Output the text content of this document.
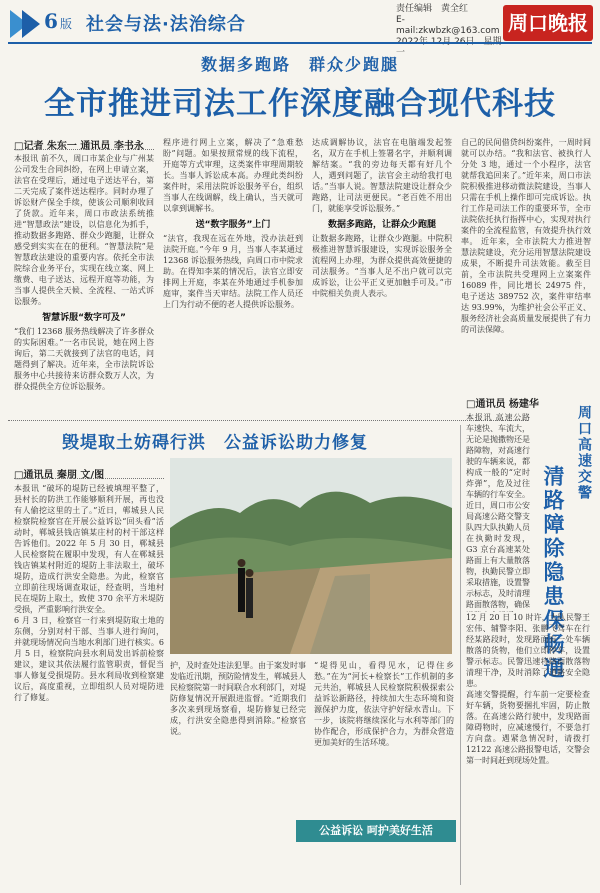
6 版 社会与法·法治综合
责任编辑　黄全红
E-mail:zkwbzk@163.com
　一
周口晚报
数据多跑路　群众少跑腿
全市推进司法工作深度融合现代科技
□记者 朱东一 通讯员 李书永
本报讯 前不久，周口市某企业与广州某公司发生合同纠纷，在网上申请立案，法官在受理后，通过电子送达平台，第二天完成了案件送达程序。同时办理了诉讼财产保全手续，使该公司顺利收回了货款。近年来，周口市政法系统推进“智慧政法”建设，以信息化为抓手，推动数据多跑路、群众少跑腿，让群众感受到实实在在的便利。“智慧法院”是智慧政法建设的重要内容。依托全市法院综合业务平台，实现在线立案、网上缴费、电子送达、远程开庭等功能，为当事人提供全天候、全流程、一站式诉讼服务。
智慧诉服“数字可及”
“我们 12368 服务热线解决了许多群众的实际困难。”一名市民说，她在网上咨询后，第二天就接到了法官的电话，问题得到了解决。近年来，全市法院诉讼服务中心共接待来访群众数万人次，为群众提供全方位诉讼服务。
程序进行网上立案，解决了“急难愁盼”问题。如果按照常规的线下流程，开庭等方式审理，这类案件审理周期较长。当事人诉讼成本高。办理此类纠纷案件时，采用法院诉讼服务平台，组织当事人在线调解，线上确认，当天就可以拿到调解书。
送“数字服务”上门
“法官，我现在远在外地，没办法赶到法院开庭。”今年 9 月，当事人李某通过 12368 诉讼服务热线，向周口市中院求助。在得知李某的情况后，法官立即安排网上开庭，李某在外地通过手机参加庭审，案件当天审结。法院工作人员还上门为行动不便的老人提供诉讼服务。
达成调解协议，法官在电脑端发起签名，双方在手机上签署名字，并顺利调解结案。“我的旁边每天都有好几个人，遇到问题了，法官会主动给我打电话。”当事人说。智慧法院建设让群众少跑路，让司法更便民。“老百姓不用出门，就能享受诉讼服务。”
数据多跑路，让群众少跑腿
让数据多跑路，让群众少跑腿。中院积极推进智慧诉服建设，实现诉讼服务全流程网上办理，为群众提供高效便捷的司法服务。“当事人足不出户就可以完成诉讼，让公平正义更加触手可及。”市中院相关负责人表示。
自己的民间借贷纠纷案件，一周时间就可以办结。“我和法官、被执行人分处 3 地，通过一个小程序，法官就帮我追回来了。”近年来，周口市法院积极推进移动微法院建设，当事人只需在手机上操作即可完成诉讼。执行工作是司法工作的重要环节，全市法院依托执行指挥中心，实现对执行案件的全流程监管，有效提升执行效率。 近年来，全市法院大力推进智慧法院建设，充分运用智慧法院建设成果，不断提升司法效能。截至目前，全市法院共受理网上立案案件 16089 件，同比增长 24975 件，电子送达 389752 次，案件审结率达 93.99%，为维护社会公平正义、服务经济社会高质量发展提供了有力的司法保障。
毁堤取土妨碍行洪　公益诉讼助力修复
□通讯员 秦朋 文/图
本报讯 “破坏的堤防已经被填埋平整了，县村长的防洪工作能够顺利开展，再也没有人偷挖这里的土了。”近日，郸城县人民检察院检察官在开展公益诉讼“回头看”活动时，郸城县钱店镇某庄村的村干部这样告诉他们。2022 年 5 月 30 日，郸城县人民检察院在履职中发现，有人在郸城县钱店镇某村附近的堤防上非法取土，破坏堤防，造成行洪安全隐患。为此，检察官立即前往现场调查取证，经查明，当地村民在堤防上取土，致使 370 余平方米堤防受损，严重影响行洪安全。
6 月 3 日，检察官一行来到堤防取土地的东侧，分别对村干部、当事人进行询问，并就现场情况向当地水利部门进行核实。6 月 5 日，检察院向县水利局发出诉前检察建议，建议其依法履行监管职责，督促当事人修复受损堤防。县水利局收到检察建议后，高度重视，立即组织人员对堤防进行了修复。
护，及时查处违法犯罪。由于案发时事发临近汛期，预防险情发生，郸城县人民检察院第一时间联合水利部门，对堤防修复情况开展跟进监督。“近期我们多次来到现场察看，堤防修复已经完成，行洪安全隐患得到消除。”检察官说。
“堤得见山，看得见水，记得住乡愁。”在为“河长+检察长”工作机制的多元共治，郸城县人民检察院积极探索公益诉讼新路径，持续加大生态环境和资源保护力度，依法守护好绿水青山。下一步，该院将继续深化与水利等部门的协作配合，形成保护合力，为群众营造更加美好的生活环境。
公益诉讼 呵护美好生活
□通讯员 杨建华
周口高速交警
清路障除隐患保畅通
本报讯 高速公路车速快、车流大，无论是抛撒物还是路障物，对高速行驶的车辆来说，都构成一般的“定时炸弹”，危及过往车辆的行车安全。近日，周口市公安局高速公路交警支队四大队执勤人员在执勤时发现，G3 京台高速某处路面上有大量散落物，执勤民警立即采取措施，设置警示标志，及时清理路面散落物，确保
12 月 20 日 10 时许，大队民警王宏伟、辅警李阳、张鹏飞驾车在行经某路段时，发现路面有一处车辆散落的货物，他们立即停车，设置警示标志。民警迅速将路面散落物清理干净，及时消除了道路安全隐患。
高速交警提醒，行车前一定要检查好车辆，货物要捆扎牢固，防止散落。在高速公路行驶中，发现路面障碍物时，应减速慢行，不要急打方向盘。遇紧急情况时，请拨打 12122 高速公路报警电话，交警会第一时间赶到现场处置。
